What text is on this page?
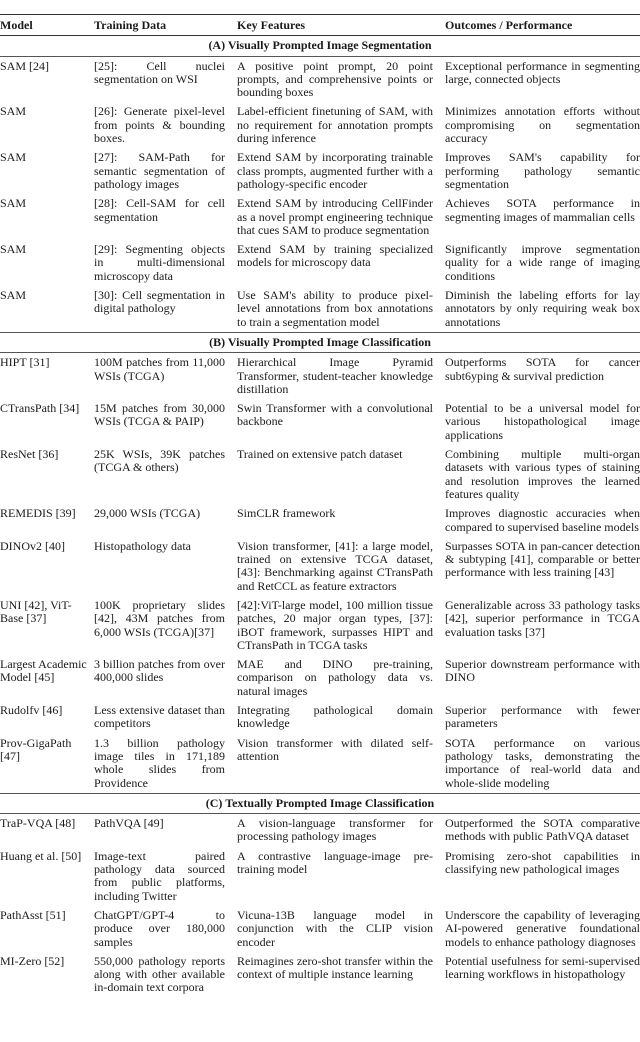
Model	Training Data	Key Features	Outcomes / Performance
(A) Visually Prompted Image Segmentation			
SAM [24]	[25]: Cell nuclei segmentation on WSI	A positive point prompt, 20 point prompts, and comprehensive points or bounding boxes	Exceptional performance in segmenting large, connected objects
SAM	[26]: Generate pixel-level from points & bounding boxes.	Label-efficient finetuning of SAM, with no requirement for annotation prompts during inference	Minimizes annotation efforts without compromising on segmentation accuracy
SAM	[27]: SAM-Path for semantic segmentation of pathology images	Extend SAM by incorporating trainable class prompts, augmented further with a pathology-specific encoder	Improves SAM's capability for performing pathology semantic segmentation
SAM	[28]: Cell-SAM for cell segmentation	Extend SAM by introducing CellFinder as a novel prompt engineering technique that cues SAM to produce segmentation	Achieves SOTA performance in segmenting images of mammalian cells
SAM	[29]: Segmenting objects in multi-dimensional microscopy data	Extend SAM by training specialized models for microscopy data	Significantly improve segmentation quality for a wide range of imaging conditions
SAM	[30]: Cell segmentation in digital pathology	Use SAM's ability to produce pixel-level annotations from box annotations to train a segmentation model	Diminish the labeling efforts for lay annotators by only requiring weak box annotations
(B) Visually Prompted Image Classification			
HIPT [31]	100M patches from 11,000 WSIs (TCGA)	Hierarchical Image Pyramid Transformer, student-teacher knowledge distillation	Outperforms SOTA for cancer subt6yping & survival prediction
CTransPath [34]	15M patches from 30,000 WSIs (TCGA & PAIP)	Swin Transformer with a convolutional backbone	Potential to be a universal model for various histopathological image applications
ResNet [36]	25K WSIs, 39K patches (TCGA & others)	Trained on extensive patch dataset	Combining multiple multi-organ datasets with various types of staining and resolution improves the learned features quality
REMEDIS [39]	29,000 WSIs (TCGA)	SimCLR framework	Improves diagnostic accuracies when compared to supervised baseline models
DINOv2 [40]	Histopathology data	Vision transformer, [41]: a large model, trained on extensive TCGA dataset, [43]: Benchmarking against CTransPath and RetCCL as feature extractors	Surpasses SOTA in pan-cancer detection & subtyping [41], comparable or better performance with less training [43]
UNI [42], ViT-Base [37]	100K proprietary slides [42], 43M patches from 6,000 WSIs (TCGA)[37]	[42]:ViT-large model, 100 million tissue patches, 20 major organ types, [37]: iBOT framework, surpasses HIPT and CTransPath in TCGA tasks	Generalizable across 33 pathology tasks [42], superior performance in TCGA evaluation tasks [37]
Largest Academic Model [45]	3 billion patches from over 400,000 slides	MAE and DINO pre-training, comparison on pathology data vs. natural images	Superior downstream performance with DINO
Rudolfv [46]	Less extensive dataset than competitors	Integrating pathological domain knowledge	Superior performance with fewer parameters
Prov-GigaPath [47]	1.3 billion pathology image tiles in 171,189 whole slides from Providence	Vision transformer with dilated self-attention	SOTA performance on various pathology tasks, demonstrating the importance of real-world data and whole-slide modeling
(C) Textually Prompted Image Classification			
TraP-VQA [48]	PathVQA [49]	A vision-language transformer for processing pathology images	Outperformed the SOTA comparative methods with public PathVQA dataset
Huang et al. [50]	Image-text paired pathology data sourced from public platforms, including Twitter	A contrastive language-image pre-training model	Promising zero-shot capabilities in classifying new pathological images
PathAsst [51]	ChatGPT/GPT-4 to produce over 180,000 samples	Vicuna-13B language model in conjunction with the CLIP vision encoder	Underscore the capability of leveraging AI-powered generative foundational models to enhance pathology diagnoses
MI-Zero [52]	550,000 pathology reports along with other available in-domain text corpora	Reimagines zero-shot transfer within the context of multiple instance learning	Potential usefulness for semi-supervised learning workflows in histopathology
